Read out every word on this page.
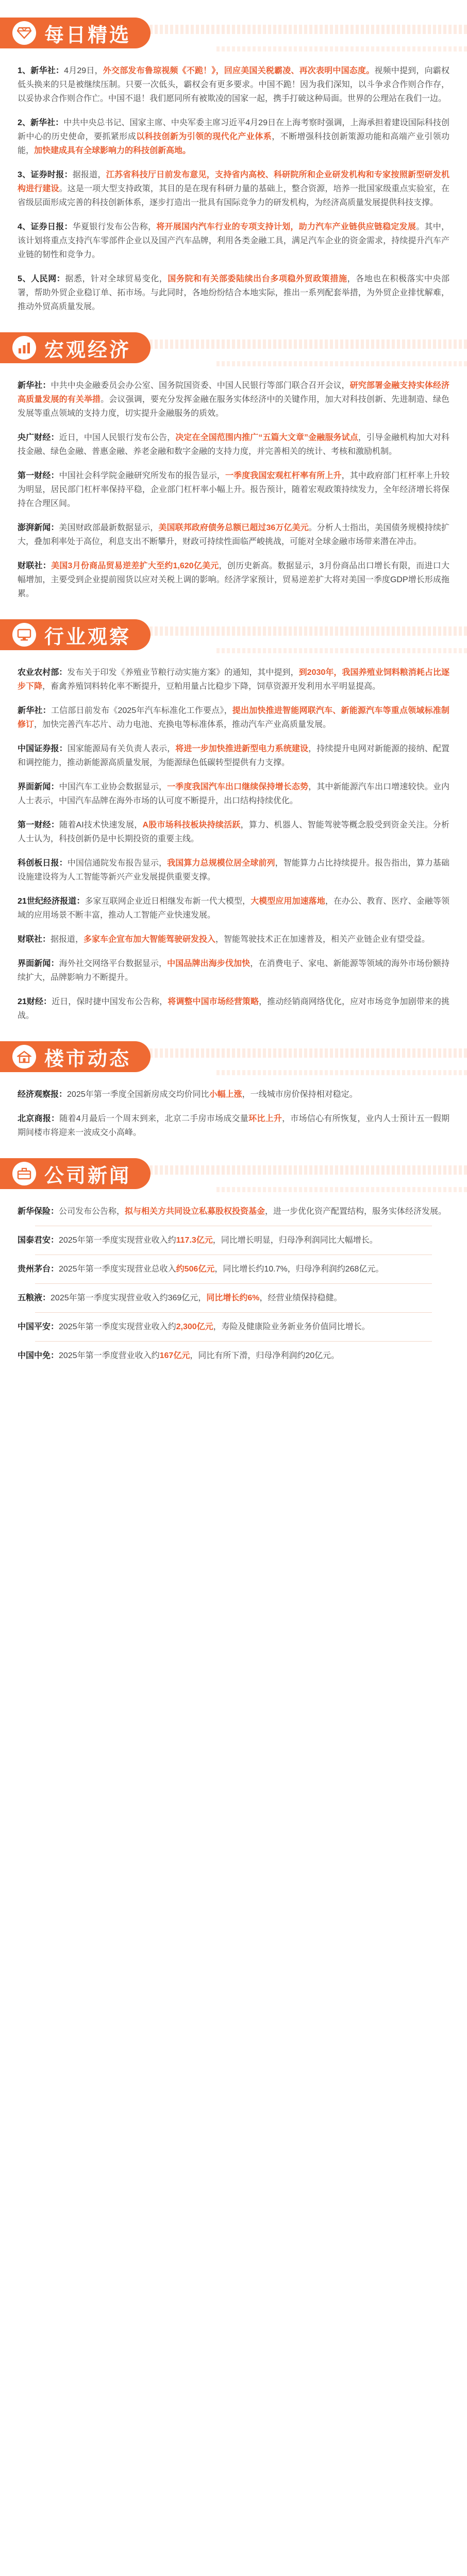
每日精选

1、新华社：4月29日，外交部发布鲁琼视频《不跪！》，回应美国关税霸凌、再次表明中国态度。视频中提到，向霸权低头换来的只是被继续压制。只要一次低头，霸权会有更多要求。中国不跪！因为我们深知，以斗争求合作则合作存，以妥协求合作则合作亡。中国不退！我们愿同所有被欺凌的国家一起，携手打破这种局面。世界的公理站在我们一边。

2、新华社：中共中央总书记、国家主席、中央军委主席习近平4月29日在上海考察时强调，上海承担着建设国际科技创新中心的历史使命，要抓紧形成以科技创新为引领的现代化产业体系，不断增强科技创新策源功能和高端产业引领功能，加快建成具有全球影响力的科技创新高地。

3、证券时报：据报道，江苏省科技厅日前发布意见，支持省内高校、科研院所和企业研发机构和专家按照新型研发机构进行建设。这是一项大型支持政策，其目的是在现有科研力量的基础上，整合资源，培养一批国家级重点实验室，在省级层面形成完善的科技创新体系，逐步打造出一批具有国际竞争力的研发机构，为经济高质量发展提供科技支撑。

4、证券日报：华夏银行发布公告称，将开展国内汽车行业的专项支持计划，助力汽车产业链供应链稳定发展。其中，该计划将重点支持汽车零部件企业以及国产汽车品牌，利用各类金融工具，满足汽车企业的资金需求，持续提升汽车产业链的韧性和竞争力。

5、人民网：据悉，针对全球贸易变化，国务院和有关部委陆续出台多项稳外贸政策措施，各地也在积极落实中央部署，帮助外贸企业稳订单、拓市场。与此同时，各地纷纷结合本地实际，推出一系列配套举措，为外贸企业排忧解难，推动外贸高质量发展。

宏观经济

新华社：中共中央金融委员会办公室、国务院国资委、中国人民银行等部门联合召开会议，研究部署金融支持实体经济高质量发展的有关举措。会议强调，要充分发挥金融在服务实体经济中的关键作用，加大对科技创新、先进制造、绿色发展等重点领域的支持力度，切实提升金融服务的质效。

央广财经：近日，中国人民银行发布公告，决定在全国范围内推广“五篇大文章”金融服务试点，引导金融机构加大对科技金融、绿色金融、普惠金融、养老金融和数字金融的支持力度，并完善相关的统计、考核和激励机制。

第一财经：中国社会科学院金融研究所发布的报告显示，一季度我国宏观杠杆率有所上升，其中政府部门杠杆率上升较为明显，居民部门杠杆率保持平稳，企业部门杠杆率小幅上升。报告预计，随着宏观政策持续发力，全年经济增长将保持在合理区间。

澎湃新闻：美国财政部最新数据显示，美国联邦政府债务总额已超过36万亿美元。分析人士指出，美国债务规模持续扩大，叠加利率处于高位，利息支出不断攀升，财政可持续性面临严峻挑战，可能对全球金融市场带来潜在冲击。

财联社：美国3月份商品贸易逆差扩大至约1,620亿美元，创历史新高。数据显示，3月份商品出口增长有限，而进口大幅增加，主要受到企业提前囤货以应对关税上调的影响。经济学家预计，贸易逆差扩大将对美国一季度GDP增长形成拖累。

行业观察

农业农村部：发布关于印发《养殖业节粮行动实施方案》的通知，其中提到，到2030年，我国养殖业饲料粮消耗占比逐步下降，畜禽养殖饲料转化率不断提升，豆粕用量占比稳步下降，饲草资源开发利用水平明显提高。

新华社：工信部日前发布《2025年汽车标准化工作要点》，提出加快推进智能网联汽车、新能源汽车等重点领域标准制修订，加快完善汽车芯片、动力电池、充换电等标准体系，推动汽车产业高质量发展。

中国证券报：国家能源局有关负责人表示，将进一步加快推进新型电力系统建设，持续提升电网对新能源的接纳、配置和调控能力，推动新能源高质量发展，为能源绿色低碳转型提供有力支撑。

界面新闻：中国汽车工业协会数据显示，一季度我国汽车出口继续保持增长态势，其中新能源汽车出口增速较快。业内人士表示，中国汽车品牌在海外市场的认可度不断提升，出口结构持续优化。

第一财经：随着AI技术快速发展，A股市场科技板块持续活跃，算力、机器人、智能驾驶等概念股受到资金关注。分析人士认为，科技创新仍是中长期投资的重要主线。

科创板日报：中国信通院发布报告显示，我国算力总规模位居全球前列，智能算力占比持续提升。报告指出，算力基础设施建设将为人工智能等新兴产业发展提供重要支撑。

21世纪经济报道：多家互联网企业近日相继发布新一代大模型，大模型应用加速落地，在办公、教育、医疗、金融等领域的应用场景不断丰富，推动人工智能产业快速发展。

财联社：据报道，多家车企宣布加大智能驾驶研发投入，智能驾驶技术正在加速普及，相关产业链企业有望受益。

界面新闻：海外社交网络平台数据显示，中国品牌出海步伐加快，在消费电子、家电、新能源等领域的海外市场份额持续扩大，品牌影响力不断提升。

21财经：近日，保时捷中国发布公告称，将调整中国市场经营策略，推动经销商网络优化，应对市场竞争加剧带来的挑战。

楼市动态

经济观察报：2025年第一季度全国新房成交均价同比小幅上涨，一线城市房价保持相对稳定。

北京商报：随着4月最后一个周末到来，北京二手房市场成交量环比上升，市场信心有所恢复，业内人士预计五一假期期间楼市将迎来一波成交小高峰。

公司新闻

新华保险：公司发布公告称，拟与相关方共同设立私募股权投资基金，进一步优化资产配置结构，服务实体经济发展。

国泰君安：2025年第一季度实现营业收入约117.3亿元，同比增长明显，归母净利润同比大幅增长。

贵州茅台：2025年第一季度实现营业总收入约506亿元，同比增长约10.7%，归母净利润约268亿元。

五粮液：2025年第一季度实现营业收入约369亿元，同比增长约6%，经营业绩保持稳健。

中国平安：2025年第一季度实现营业收入约2,300亿元，寿险及健康险业务新业务价值同比增长。

中国中免：2025年第一季度营业收入约167亿元，同比有所下滑，归母净利润约20亿元。
